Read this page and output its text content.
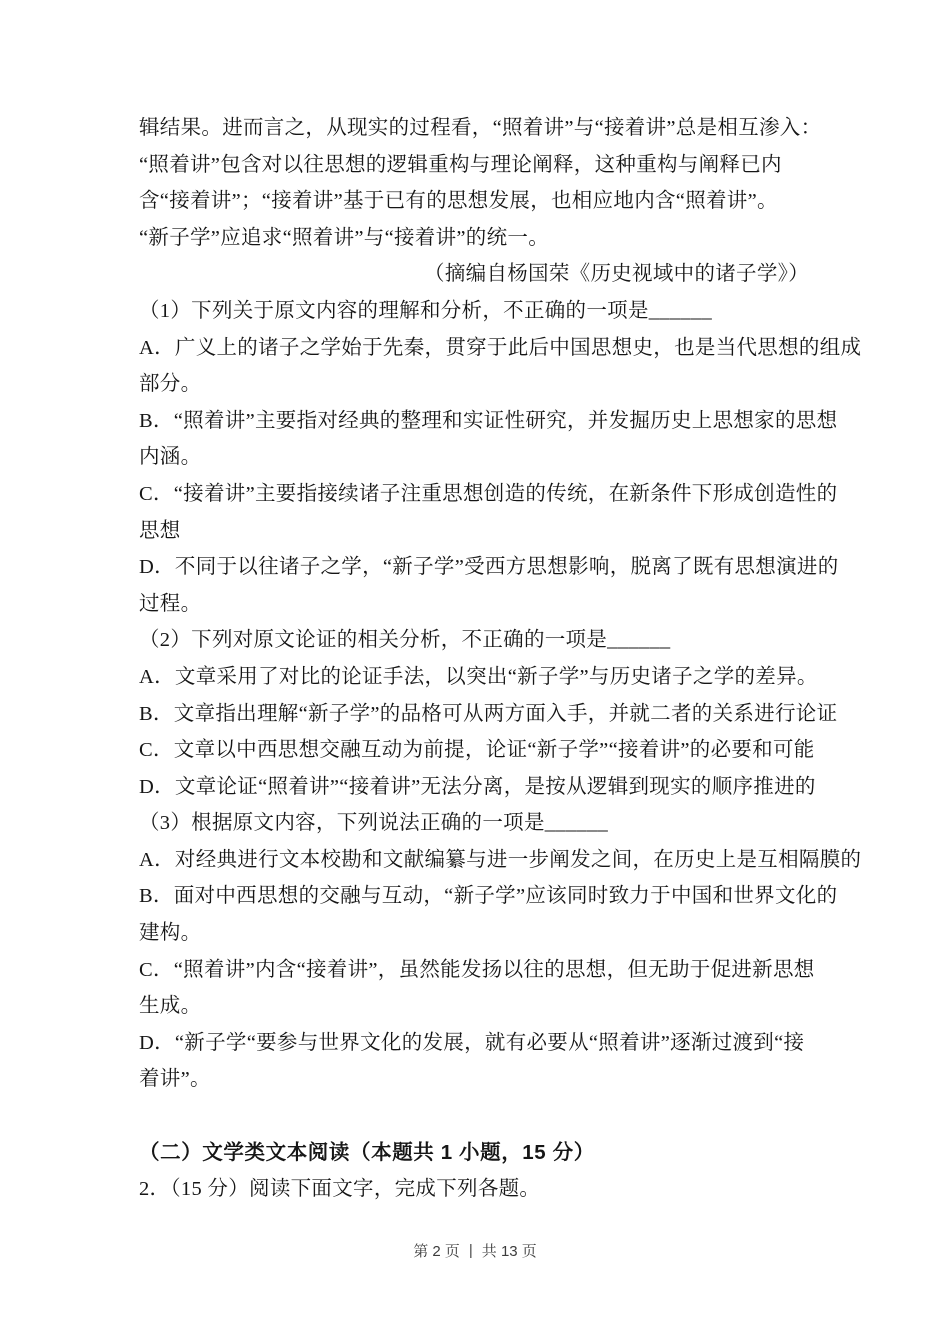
辑结果。进而言之，从现实的过程看，“照着讲”与“接着讲”总是相互渗入：
“照着讲”包含对以往思想的逻辑重构与理论阐释，这种重构与阐释已内
含“接着讲”；“接着讲”基于已有的思想发展，也相应地内含“照着讲”。
“新子学”应追求“照着讲”与“接着讲”的统一。
（摘编自杨国荣《历史视域中的诸子学》）
（1）下列关于原文内容的理解和分析，不正确的一项是______
A．广义上的诸子之学始于先秦，贯穿于此后中国思想史，也是当代思想的组成
部分。
B．“照着讲”主要指对经典的整理和实证性研究，并发掘历史上思想家的思想
内涵。
C．“接着讲”主要指接续诸子注重思想创造的传统，在新条件下形成创造性的
思想
D．不同于以往诸子之学，“新子学”受西方思想影响，脱离了既有思想演进的
过程。
（2）下列对原文论证的相关分析，不正确的一项是______
A．文章采用了对比的论证手法，以突出“新子学”与历史诸子之学的差异。
B．文章指出理解“新子学”的品格可从两方面入手，并就二者的关系进行论证
C．文章以中西思想交融互动为前提，论证“新子学”“接着讲”的必要和可能
D．文章论证“照着讲”“接着讲”无法分离，是按从逻辑到现实的顺序推进的
（3）根据原文内容，下列说法正确的一项是______
A．对经典进行文本校勘和文献编纂与进一步阐发之间，在历史上是互相隔膜的
B．面对中西思想的交融与互动，“新子学”应该同时致力于中国和世界文化的
建构。
C．“照着讲”内含“接着讲”，虽然能发扬以往的思想，但无助于促进新思想
生成。
D．“新子学“要参与世界文化的发展，就有必要从“照着讲”逐渐过渡到“接
着讲”。
（二）文学类文本阅读（本题共 1 小题，15 分）
2．（15 分）阅读下面文字，完成下列各题。
第 2 页 | 共 13 页
